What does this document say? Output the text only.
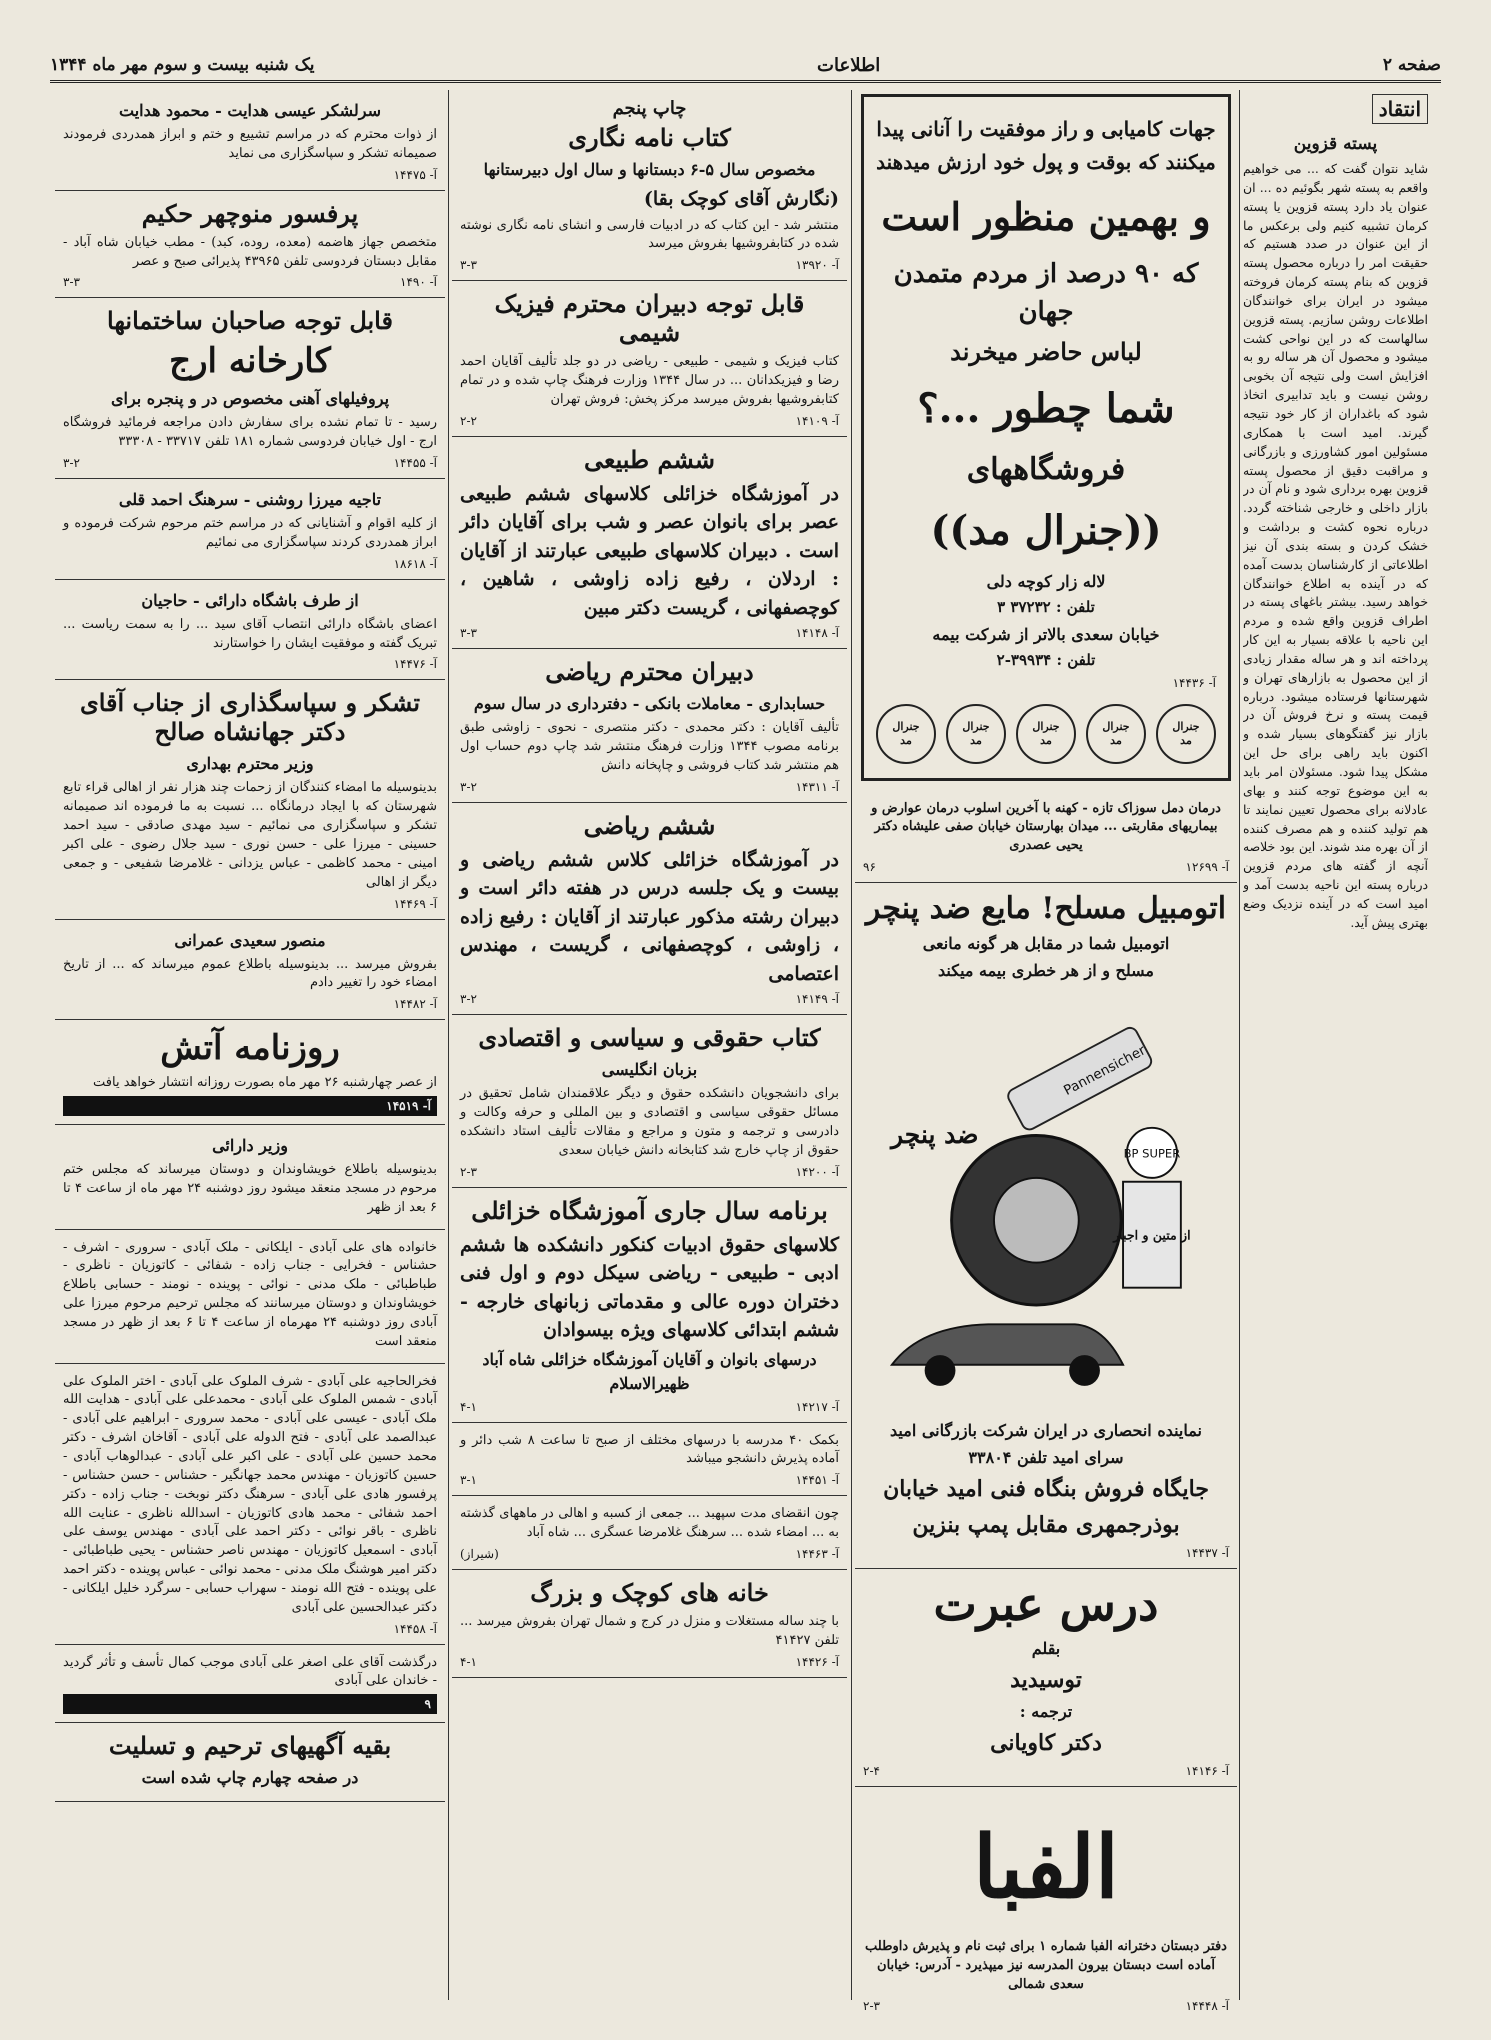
صفحه ۲
اطلاعات
یک شنبه بیست و سوم مهر ماه ۱۳۴۴
انتقاد
پسته قزوین

شاید نتوان گفت که ... می خواهیم واقعم به پسته شهر بگوئیم ده ... ان عنوان یاد دارد پسته قزوین یا پسته کرمان تشبیه کنیم ولی برعکس ما از این عنوان در صدد هستیم که حقیقت امر را درباره محصول پسته قزوین که بنام پسته کرمان فروخته میشود در ایران برای خوانندگان اطلاعات روشن سازیم. پسته قزوین سالهاست که در این نواحی کشت میشود و محصول آن هر ساله رو به افزایش است ولی نتیجه آن بخوبی روشن نیست و باید تدابیری اتخاذ شود که باغداران از کار خود نتیجه گیرند. امید است با همکاری مسئولین امور کشاورزی و بازرگانی و مراقبت دقیق از محصول پسته قزوین بهره برداری شود و نام آن در بازار داخلی و خارجی شناخته گردد. درباره نحوه کشت و برداشت و خشک کردن و بسته بندی آن نیز اطلاعاتی از کارشناسان بدست آمده که در آینده به اطلاع خوانندگان خواهد رسید. بیشتر باغهای پسته در اطراف قزوین واقع شده و مردم این ناحیه با علاقه بسیار به این کار پرداخته اند و هر ساله مقدار زیادی از این محصول به بازارهای تهران و شهرستانها فرستاده میشود. درباره قیمت پسته و نرخ فروش آن در بازار نیز گفتگوهای بسیار شده و اکنون باید راهی برای حل این مشکل پیدا شود. مسئولان امر باید به این موضوع توجه کنند و بهای عادلانه برای محصول تعیین نمایند تا هم تولید کننده و هم مصرف کننده از آن بهره مند شوند. این بود خلاصه آنچه از گفته های مردم قزوین درباره پسته این ناحیه بدست آمد و امید است که در آینده نزدیک وضع بهتری پیش آید.

جهات کامیابی و راز موفقیت را آنانی پیدا

میکنند که بوقت و پول خود ارزش میدهند

و بهمین منظور است

که ۹۰ درصد از مردم متمدن جهان

لباس حاضر میخرند

شما چطور ...؟

فروشگاههای

((جنرال مد))

لاله زار کوچه دلی

تلفن : ۳۷۲۳۲ ۳

خیابان سعدی بالاتر از شرکت بیمه

تلفن : ۳۹۹۳۴-۲

آ- ۱۴۴۳۶
جنرال
مد
جنرال
مد
جنرال
مد
جنرال
مد
جنرال
مد

درمان دمل سوزاک تازه - کهنه با آخرین اسلوب درمان عوارض و بیماریهای مقاربتی ... میدان بهارستان خیابان صفی علیشاه دکتر یحیی عصدری

آ- ۱۲۶۹۹
۹۶
اتومبیل مسلح! مایع ضد پنچر

اتومبیل شما در مقابل هر گونه مانعی

مسلح و از هر خطری بیمه میکند

Pannensicher
BP SUPER
از متین و اجبار
ضد پنچر

نماینده انحصاری در ایران شرکت بازرگانی امید

سرای امید تلفن ۳۳۸۰۴

جایگاه فروش بنگاه فنی امید خیابان

بوذرجمهری مقابل پمپ بنزین

آ- ۱۴۴۳۷
درس عبرت

بقلم

توسیدید

ترجمه :

دکتر کاویانی

آ- ۱۴۱۴۶
۲-۴
الفبا

دفتر دبستان دخترانه الفبا شماره ۱ برای ثبت نام و پذیرش داوطلب آماده است دبستان بیرون المدرسه نیز میپذیرد - آدرس: خیابان سعدی شمالی

آ- ۱۴۴۴۸
۲-۳
چاپ پنجم
کتاب نامه نگاری

مخصوص سال ۵-۶ دبستانها و سال اول دبیرستانها

(نگارش آقای کوچک بقا)

منتشر شد - این کتاب که در ادبیات فارسی و انشای نامه نگاری نوشته شده در کتابفروشیها بفروش میرسد

آ- ۱۳۹۲۰
۳-۳
قابل توجه دبیران محترم فیزیک شیمی

کتاب فیزیک و شیمی - طبیعی - ریاضی در دو جلد تألیف آقایان احمد رضا و فیزیکدانان ... در سال ۱۳۴۴ وزارت فرهنگ چاپ شده و در تمام کتابفروشیها بفروش میرسد مرکز پخش: فروش تهران

آ- ۱۴۱۰۹
۲-۲
ششم طبیعی

در آموزشگاه خزائلی کلاسهای ششم طبیعی عصر برای بانوان عصر و شب برای آقایان دائر است . دبیران کلاسهای طبیعی عبارتند از آقایان : اردلان ، رفیع زاده زاوشی ، شاهین ، کوچصفهانی ، گریست دکتر مبین

آ- ۱۴۱۴۸
۳-۳
دبیران محترم ریاضی

حسابداری - معاملات بانکی - دفترداری در سال سوم

تألیف آقایان : دکتر محمدی - دکتر منتصری - نحوی - زاوشی طبق برنامه مصوب ۱۳۴۴ وزارت فرهنگ منتشر شد چاپ دوم حساب اول هم منتشر شد کتاب فروشی و چاپخانه دانش

آ- ۱۴۳۱۱
۳-۲
ششم ریاضی

در آموزشگاه خزائلی کلاس ششم ریاضی و بیست و یک جلسه درس در هفته دائر است و دبیران رشته مذکور عبارتند از آقایان : رفیع زاده ، زاوشی ، کوچصفهانی ، گریست ، مهندس اعتصامی

آ- ۱۴۱۴۹
۳-۲
کتاب حقوقی و سیاسی و اقتصادی

بزبان انگلیسی

برای دانشجویان دانشکده حقوق و دیگر علاقمندان شامل تحقیق در مسائل حقوقی سیاسی و اقتصادی و بین المللی و حرفه وکالت و دادرسی و ترجمه و متون و مراجع و مقالات تألیف استاد دانشکده حقوق از چاپ خارج شد کتابخانه دانش خیابان سعدی

آ- ۱۴۲۰۰
۲-۳
برنامه سال جاری آموزشگاه خزائلی

کلاسهای حقوق ادبیات کنکور دانشکده ها ششم ادبی - طبیعی - ریاضی سیکل دوم و اول فنی دختران دوره عالی و مقدماتی زبانهای خارجه - ششم ابتدائی کلاسهای ویژه بیسوادان

درسهای بانوان و آقایان آموزشگاه خزائلی شاه آباد ظهیرالاسلام

آ- ۱۴۲۱۷
۴-۱

بکمک ۴۰ مدرسه با درسهای مختلف از صبح تا ساعت ۸ شب دائر و آماده پذیرش دانشجو میباشد

آ- ۱۴۴۵۱
۳-۱

چون انقضای مدت سپهبد ... جمعی از کسبه و اهالی در ماههای گذشته به ... امضاء شده ... سرهنگ غلامرضا عسگری ... شاه آباد

آ- ۱۴۴۶۳
(شیراز)
خانه های کوچک و بزرگ

با چند ساله مستغلات و منزل در کرج و شمال تهران بفروش میرسد ... تلفن ۴۱۴۲۷

آ- ۱۴۴۲۶
۴-۱

سرلشکر عیسی هدایت - محمود هدایت

از ذوات محترم که در مراسم تشییع و ختم و ابراز همدردی فرمودند صمیمانه تشکر و سپاسگزاری می نماید

آ- ۱۴۴۷۵
پرفسور منوچهر حکیم

متخصص جهاز هاضمه (معده، روده، کبد) - مطب خیابان شاه آباد - مقابل دبستان فردوسی تلفن ۴۳۹۶۵ پذیرائی صبح و عصر

آ- ۱۴۹۰
۳-۳
قابل توجه صاحبان ساختمانها
کارخانه ارج

پروفیلهای آهنی مخصوص در و پنجره برای

رسید - تا تمام نشده برای سفارش دادن مراجعه فرمائید فروشگاه ارج - اول خیابان فردوسی شماره ۱۸۱ تلفن ۳۳۷۱۷ - ۳۳۳۰۸

آ- ۱۴۴۵۵
۳-۲

تاجیه میرزا روشنی - سرهنگ احمد قلی

از کلیه اقوام و آشنایانی که در مراسم ختم مرحوم شرکت فرموده و ابراز همدردی کردند سپاسگزاری می نمائیم

آ- ۱۸۶۱۸

از طرف باشگاه دارائی - حاجیان

اعضای باشگاه دارائی انتصاب آقای سید ... را به سمت ریاست ... تبریک گفته و موفقیت ایشان را خواستارند

آ- ۱۴۴۷۶
تشکر و سپاسگذاری از جناب آقای دکتر جهانشاه صالح

وزیر محترم بهداری

بدینوسیله ما امضاء کنندگان از زحمات چند هزار نفر از اهالی قراء تابع شهرستان که با ایجاد درمانگاه ... نسبت به ما فرموده اند صمیمانه تشکر و سپاسگزاری می نمائیم - سید مهدی صادقی - سید احمد حسینی - میرزا علی - حسن نوری - سید جلال رضوی - علی اکبر امینی - محمد کاظمی - عباس یزدانی - غلامرضا شفیعی - و جمعی دیگر از اهالی

آ- ۱۴۴۶۹

منصور سعیدی عمرانی

بفروش میرسد ... بدینوسیله باطلاع عموم میرساند که ... از تاریخ امضاء خود را تغییر دادم

آ- ۱۴۴۸۲
روزنامه آتش

از عصر چهارشنبه ۲۶ مهر ماه بصورت روزانه انتشار خواهد یافت

آ- ۱۴۵۱۹

وزیر دارائی

بدینوسیله باطلاع خویشاوندان و دوستان میرساند که مجلس ختم مرحوم در مسجد منعقد میشود روز دوشنبه ۲۴ مهر ماه از ساعت ۴ تا ۶ بعد از ظهر

خانواده های علی آبادی - ایلکانی - ملک آبادی - سروری - اشرف - حشناس - فخرایی - جناب زاده - شفائی - کاتوزیان - ناظری - طباطبائی - ملک مدنی - نوائی - پوینده - نومند - حسابی باطلاع خویشاوندان و دوستان میرسانند که مجلس ترحیم مرحوم میرزا علی آبادی روز دوشنبه ۲۴ مهرماه از ساعت ۴ تا ۶ بعد از ظهر در مسجد منعقد است

فخرالحاجیه علی آبادی - شرف الملوک علی آبادی - اختر الملوک علی آبادی - شمس الملوک علی آبادی - محمدعلی علی آبادی - هدایت الله ملک آبادی - عیسی علی آبادی - محمد سروری - ابراهیم علی آبادی - عبدالصمد علی آبادی - فتح الدوله علی آبادی - آقاخان اشرف - دکتر محمد حسین علی آبادی - علی اکبر علی آبادی - عبدالوهاب آبادی - حسین کاتوزیان - مهندس محمد جهانگیر - حشناس - حسن حشناس - پرفسور هادی علی آبادی - سرهنگ دکتر نوبخت - جناب زاده - دکتر احمد شفائی - محمد هادی کاتوزیان - اسدالله ناظری - عنایت الله ناظری - باقر نوائی - دکتر احمد علی آبادی - مهندس یوسف علی آبادی - اسمعیل کاتوزیان - مهندس ناصر حشناس - یحیی طباطبائی - دکتر امیر هوشنگ ملک مدنی - محمد نوائی - عباس پوینده - دکتر احمد علی پوینده - فتح الله نومند - سهراب حسابی - سرگرد خلیل ایلکانی - دکتر عبدالحسین علی آبادی

آ- ۱۴۴۵۸

درگذشت آقای علی اصغر علی آبادی موجب کمال تأسف و تأثر گردید - خاندان علی آبادی

۹
بقیه آگهیهای ترحیم و تسلیت

در صفحه چهارم چاپ شده است
